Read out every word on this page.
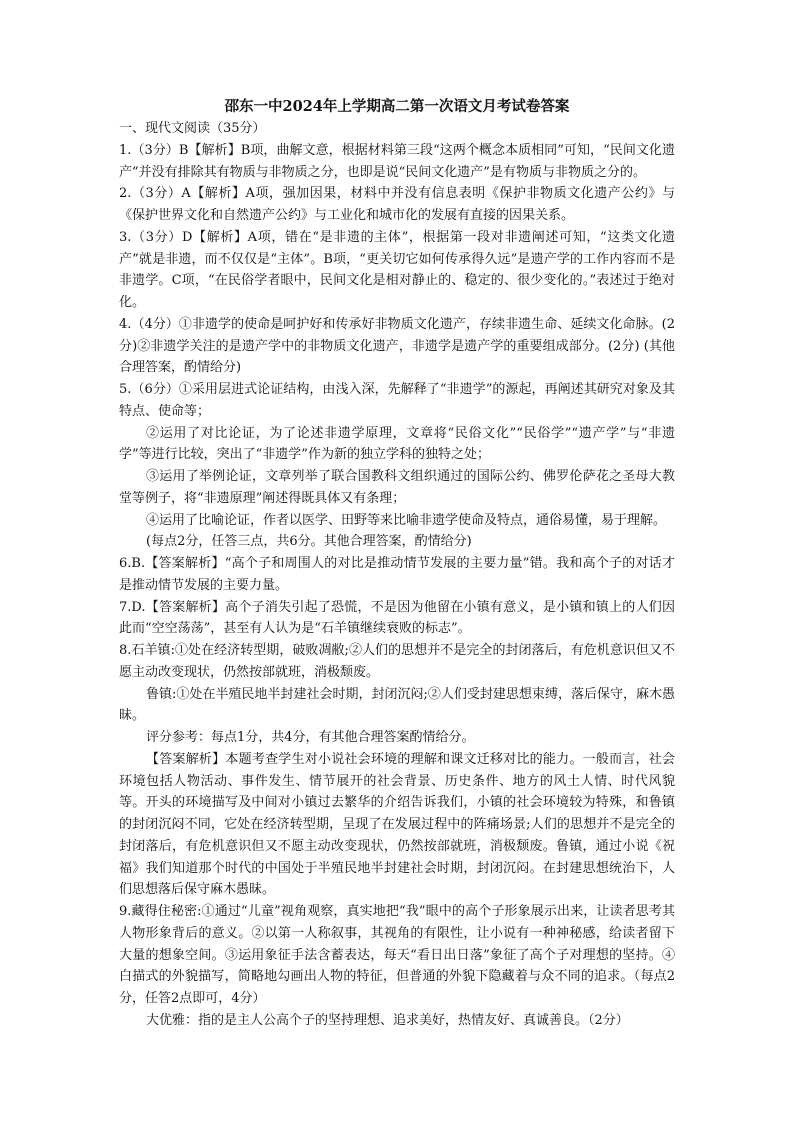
邵东一中2024年上学期高二第一次语文月考试卷答案

一、现代文阅读（35分）

1.（3分）B【解析】B项，曲解文意，根据材料第三段“这两个概念本质相同”可知，“民间文化遗产”并没有排除其有物质与非物质之分，也即是说“民间文化遗产”是有物质与非物质之分的。

2.（3分）A【解析】A项，强加因果，材料中并没有信息表明《保护非物质文化遗产公约》与《保护世界文化和自然遗产公约》与工业化和城市化的发展有直接的因果关系。

3.（3分）D【解析】A项，错在“是非遗的主体”，根据第一段对非遗阐述可知，“这类文化遗产”就是非遗，而不仅仅是“主体”。B项，“更关切它如何传承得久远”是遗产学的工作内容而不是非遗学。C项，“在民俗学者眼中，民间文化是相对静止的、稳定的、很少变化的。”表述过于绝对化。

4.（4分）①非遗学的使命是呵护好和传承好非物质文化遗产，存续非遗生命、延续文化命脉。(2分)②非遗学关注的是遗产学中的非物质文化遗产，非遗学是遗产学的重要组成部分。(2分) (其他合理答案，酌情给分)

5.（6分）①采用层进式论证结构，由浅入深，先解释了“非遗学”的源起，再阐述其研究对象及其特点、使命等；

②运用了对比论证，为了论述非遗学原理，文章将“民俗文化”“民俗学”“遗产学”与“非遗学”等进行比较，突出了“非遗学”作为新的独立学科的独特之处；

③运用了举例论证，文章列举了联合国教科文组织通过的国际公约、佛罗伦萨花之圣母大教堂等例子，将“非遗原理”阐述得既具体又有条理；

④运用了比喻论证，作者以医学、田野等来比喻非遗学使命及特点，通俗易懂，易于理解。

(每点2分，任答三点，共6分。其他合理答案，酌情给分)

6.B.【答案解析】“高个子和周围人的对比是推动情节发展的主要力量”错。我和高个子的对话才是推动情节发展的主要力量。

7.D.【答案解析】高个子消失引起了恐慌，不是因为他留在小镇有意义，是小镇和镇上的人们因此而“空空荡荡”，甚至有人认为是“石羊镇继续衰败的标志”。

8.石羊镇:①处在经济转型期，破败凋敝;②人们的思想并不是完全的封闭落后，有危机意识但又不愿主动改变现状，仍然按部就班，消极颓废。

鲁镇:①处在半殖民地半封建社会时期，封闭沉闷;②人们受封建思想束缚，落后保守，麻木愚昧。

评分参考：每点1分，共4分，有其他合理答案酌情给分。

【答案解析】本题考查学生对小说社会环境的理解和课文迁移对比的能力。一般而言，社会环境包括人物活动、事件发生、情节展开的社会背景、历史条件、地方的风土人情、时代风貌等。开头的环境描写及中间对小镇过去繁华的介绍告诉我们，小镇的社会环境较为特殊，和鲁镇的封闭沉闷不同，它处在经济转型期，呈现了在发展过程中的阵痛场景;人们的思想并不是完全的封闭落后，有危机意识但又不愿主动改变现状，仍然按部就班，消极颓废。鲁镇，通过小说《祝福》我们知道那个时代的中国处于半殖民地半封建社会时期，封闭沉闷。在封建思想统治下，人们思想落后保守麻木愚昧。

9.藏得住秘密:①通过“儿童”视角观察，真实地把“我”眼中的高个子形象展示出来，让读者思考其人物形象背后的意义。②以第一人称叙事，其视角的有限性，让小说有一种神秘感，给读者留下大量的想象空间。③运用象征手法含蓄表达，每天“看日出日落”象征了高个子对理想的坚持。④白描式的外貌描写，简略地勾画出人物的特征，但普通的外貌下隐藏着与众不同的追求。（每点2分，任答2点即可，4分）

大优雅：指的是主人公高个子的坚持理想、追求美好，热情友好、真诚善良。（2分）
